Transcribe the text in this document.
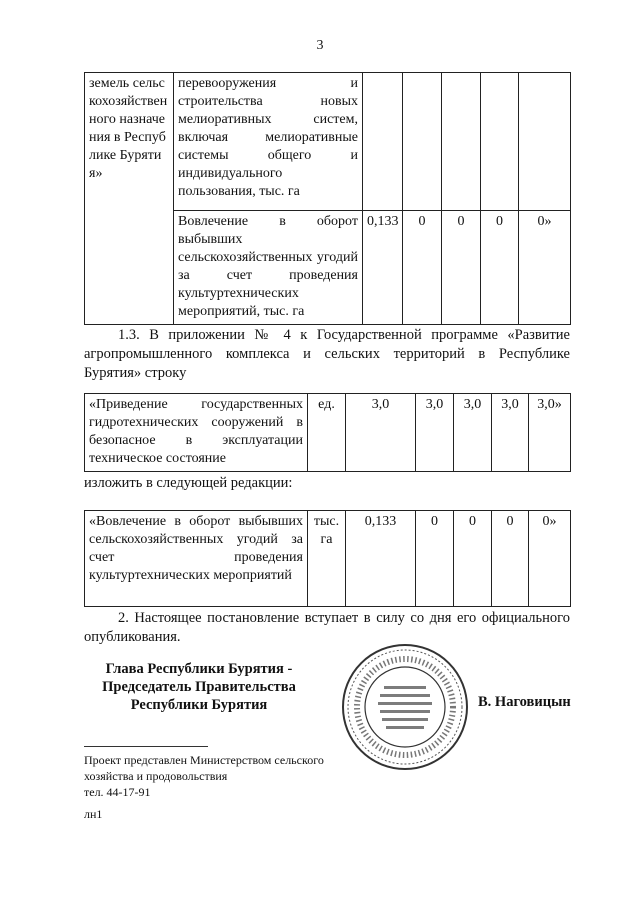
3
земель сельскохозяйственного назначения в Республике Бурятия»	перевооружения и строительства новых мелиоративных систем, включая мелиоративные системы общего и индивидуального пользования, тыс. га					
	Вовлечение в оборот выбывших сельскохозяйственных угодий за счет проведения культуртехнических мероприятий, тыс. га	0,133	0	0	0	0»
1.3. В приложении № 4 к Государственной программе «Развитие агропромышленного комплекса и сельских территорий в Республике Бурятия» строку
«Приведение государственных гидротехнических сооружений в безопасное в эксплуатации техническое состояние	ед.	3,0	3,0	3,0	3,0	3,0»
изложить в следующей редакции:
«Вовлечение в оборот выбывших сельскохозяйственных угодий за счет проведения культуртехнических мероприятий	тыс. га	0,133	0	0	0	0»
2. Настоящее постановление вступает в силу со дня его официального опубликования.
Глава Республики Бурятия -
Председатель Правительства
Республики Бурятия	В. Наговицын
Проект представлен Министерством сельского
хозяйства и продовольствия
тел. 44-17-91
лн1
